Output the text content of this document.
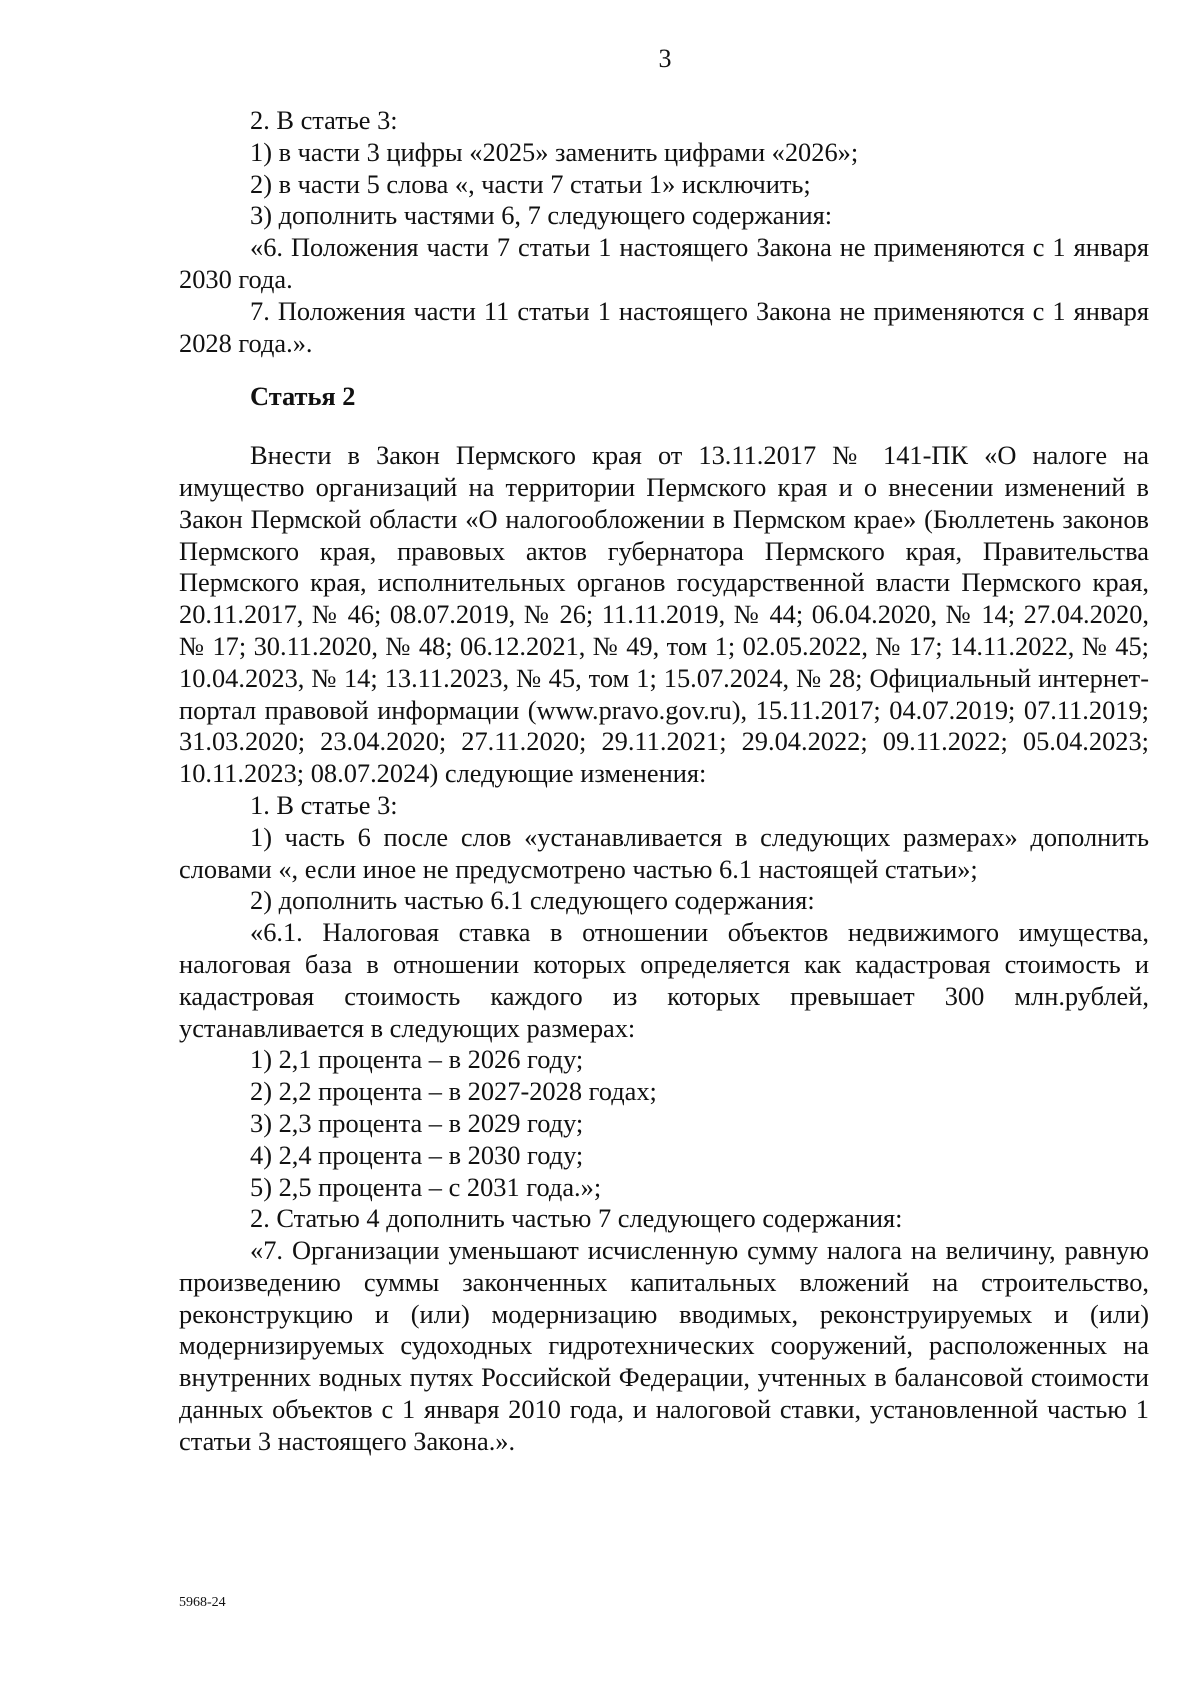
3

2. В статье 3:

1) в части 3 цифры «2025» заменить цифрами «2026»;

2) в части 5 слова «, части 7 статьи 1» исключить;

3) дополнить частями 6, 7 следующего содержания:

«6. Положения части 7 статьи 1 настоящего Закона не применяются с 1 января 2030 года.

7. Положения части 11 статьи 1 настоящего Закона не применяются с 1 января 2028 года.».

Статья 2

Внести в Закон Пермского края от 13.11.2017 № 141-ПК «О налоге на имущество организаций на территории Пермского края и о внесении изменений в Закон Пермской области «О налогообложении в Пермском крае» (Бюллетень законов Пермского края, правовых актов губернатора Пермского края, Правительства Пермского края, исполнительных органов государственной власти Пермского края, 20.11.2017, № 46; 08.07.2019, № 26; 11.11.2019, № 44; 06.04.2020, № 14; 27.04.2020, № 17; 30.11.2020, № 48; 06.12.2021, № 49, том 1; 02.05.2022, № 17; 14.11.2022, № 45; 10.04.2023, № 14; 13.11.2023, № 45, том 1; 15.07.2024, № 28; Официальный интернет-портал правовой информации (www.pravo.gov.ru), 15.11.2017; 04.07.2019; 07.11.2019; 31.03.2020; 23.04.2020; 27.11.2020; 29.11.2021; 29.04.2022; 09.11.2022; 05.04.2023; 10.11.2023; 08.07.2024) следующие изменения:

1. В статье 3:

1) часть 6 после слов «устанавливается в следующих размерах» дополнить словами «, если иное не предусмотрено частью 6.1 настоящей статьи»;

2) дополнить частью 6.1 следующего содержания:

«6.1. Налоговая ставка в отношении объектов недвижимого имущества, налоговая база в отношении которых определяется как кадастровая стоимость и кадастровая стоимость каждого из которых превышает 300 млн.рублей, устанавливается в следующих размерах:

1) 2,1 процента – в 2026 году;

2) 2,2 процента – в 2027-2028 годах;

3) 2,3 процента – в 2029 году;

4) 2,4 процента – в 2030 году;

5) 2,5 процента – с 2031 года.»;

2. Статью 4 дополнить частью 7 следующего содержания:

«7. Организации уменьшают исчисленную сумму налога на величину, равную произведению суммы законченных капитальных вложений на строительство, реконструкцию и (или) модернизацию вводимых, реконструируемых и (или) модернизируемых судоходных гидротехнических сооружений, расположенных на внутренних водных путях Российской Федерации, учтенных в балансовой стоимости данных объектов с 1 января 2010 года, и налоговой ставки, установленной частью 1 статьи 3 настоящего Закона.».

5968-24
